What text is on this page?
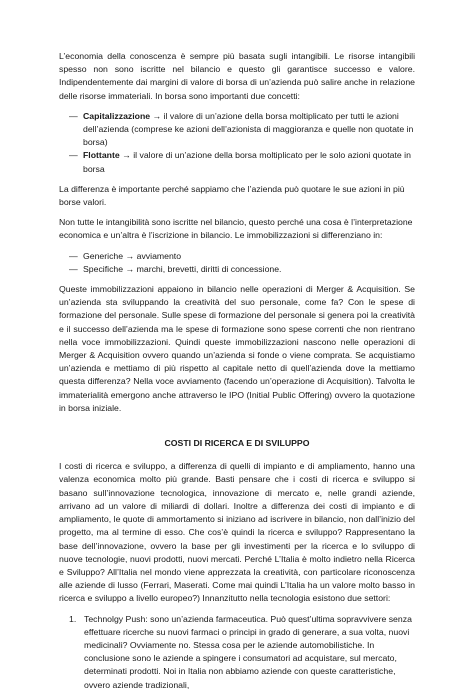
L’economia della conoscenza è sempre più basata sugli intangibili. Le risorse intangibili spesso non sono iscritte nel bilancio e questo gli garantisce successo e valore. Indipendentemente dai margini di valore di borsa di un’azienda può salire anche in relazione delle risorse immateriali. In borsa sono importanti due concetti:

— Capitalizzazione → il valore di un’azione della borsa moltiplicato per tutti le azioni dell’azienda (comprese ke azioni dell’azionista di maggioranza e quelle non quotate in borsa)
— Flottante → il valore di un’azione della borsa moltiplicato per le solo azioni quotate in borsa

La differenza è importante perché sappiamo che l’azienda può quotare le sue azioni in più borse valori.

Non tutte le intangibilità sono iscritte nel bilancio, questo perché una cosa è l’interpretazione economica e un’altra è l’iscrizione in bilancio. Le immobilizzazioni si differenziano in:

— Generiche → avviamento
— Specifiche → marchi, brevetti, diritti di concessione.

Queste immobilizzazioni appaiono in bilancio nelle operazioni di Merger & Acquisition. Se un’azienda sta sviluppando la creatività del suo personale, come fa? Con le spese di formazione del personale. Sulle spese di formazione del personale si genera poi la creatività e il successo dell’azienda ma le spese di formazione sono spese correnti che non rientrano nella voce immobilizzazioni. Quindi queste immobilizzazioni nascono nelle operazioni di Merger & Acquisition ovvero quando un’azienda si fonde o viene comprata. Se acquistiamo un’azienda e mettiamo di più rispetto al capitale netto di quell’azienda dove la mettiamo questa differenza? Nella voce avviamento (facendo un’operazione di Acquisition). Talvolta le immaterialità emergono anche attraverso le IPO (Initial Public Offering) ovvero la quotazione in borsa iniziale.

COSTI DI RICERCA E DI SVILUPPO

I costi di ricerca e sviluppo, a differenza di quelli di impianto e di ampliamento, hanno una valenza economica molto più grande. Basti pensare che i costi di ricerca e sviluppo si basano sull’innovazione tecnologica, innovazione di mercato e, nelle grandi aziende, arrivano ad un valore di miliardi di dollari. Inoltre a differenza dei costi di impianto e di ampliamento, le quote di ammortamento si iniziano ad iscrivere in bilancio, non dall’inizio del progetto, ma al termine di esso. Che cos’è quindi la ricerca e sviluppo? Rappresentano la base dell’innovazione, ovvero la base per gli investimenti per la ricerca e lo sviluppo di nuove tecnologie, nuovi prodotti, nuovi mercati. Perché L’Italia è molto indietro nella Ricerca e Sviluppo? All’Italia nel mondo viene apprezzata la creatività, con particolare riconoscenza alle aziende di lusso (Ferrari, Maserati. Come mai quindi L’Italia ha un valore molto basso in ricerca e sviluppo a livello europeo?) Innanzitutto nella tecnologia esistono due settori:

1. Technolgy Push: sono un’azienda farmaceutica. Può quest’ultima sopravvivere senza effettuare ricerche su nuovi farmaci o principi in grado di generare, a sua volta, nuovi medicinali? Ovviamente no. Stessa cosa per le aziende automobilistiche. In conclusione sono le aziende a spingere i consumatori ad acquistare, sul mercato, determinati prodotti. Noi in Italia non abbiamo aziende con queste caratteristiche, ovvero aziende tradizionali,
